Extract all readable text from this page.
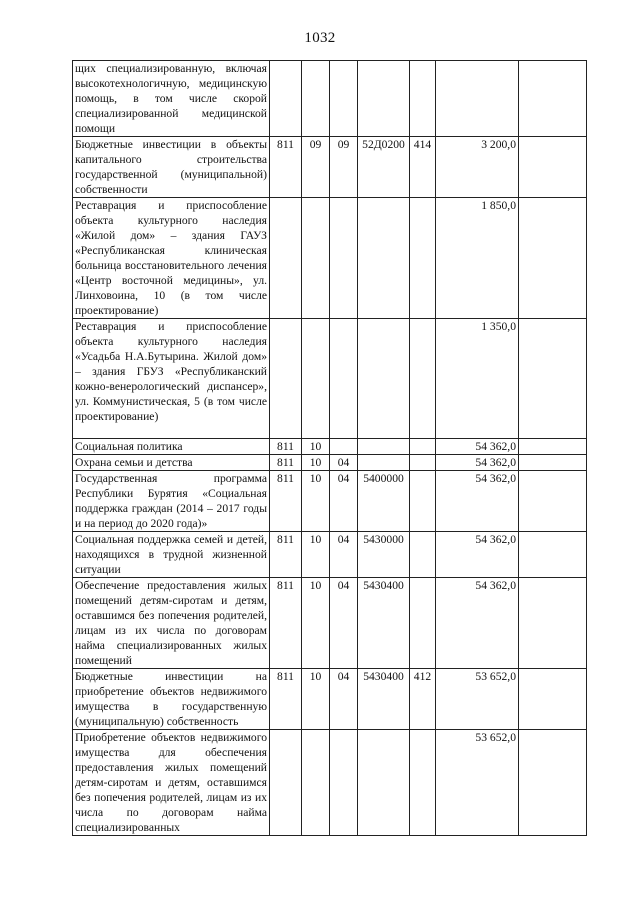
1032
щих специализированную, включая высокотехнологичную, медицинскую помощь, в том числе скорой специализированной медицинской помощи							
Бюджетные инвестиции в объекты капитального строительства государственной (муниципальной) собственности	811	09	09	52Д0200	414	3 200,0	
Реставрация и приспособление объекта культурного наследия «Жилой дом» – здания ГАУЗ «Республиканская клиническая больница восстановительного лечения «Центр восточной медицины», ул. Линховоина, 10 (в том числе проектирование)						1 850,0	
Реставрация и приспособление объекта культурного наследия «Усадьба Н.А.Бутырина. Жилой дом» – здания ГБУЗ «Республиканский кожно-венерологический диспансер», ул. Коммунистическая, 5 (в том числе проектирование)						1 350,0	
Социальная политика	811	10				54 362,0	
Охрана семьи и детства	811	10	04			54 362,0	
Государственная программа Республики Бурятия «Социальная поддержка граждан (2014 – 2017 годы и на период до 2020 года)»	811	10	04	5400000		54 362,0	
Социальная поддержка семей и детей, находящихся в трудной жизненной ситуации	811	10	04	5430000		54 362,0	
Обеспечение предоставления жилых помещений детям-сиротам и детям, оставшимся без попечения родителей, лицам из их числа по договорам найма специализированных жилых помещений	811	10	04	5430400		54 362,0	
Бюджетные инвестиции на приобретение объектов недвижимого имущества в государственную (муниципальную) собственность	811	10	04	5430400	412	53 652,0	
Приобретение объектов недвижимого имущества для обеспечения предоставления жилых помещений детям-сиротам и детям, оставшимся без попечения родителей, лицам из их числа по договорам найма специализированных						53 652,0	
